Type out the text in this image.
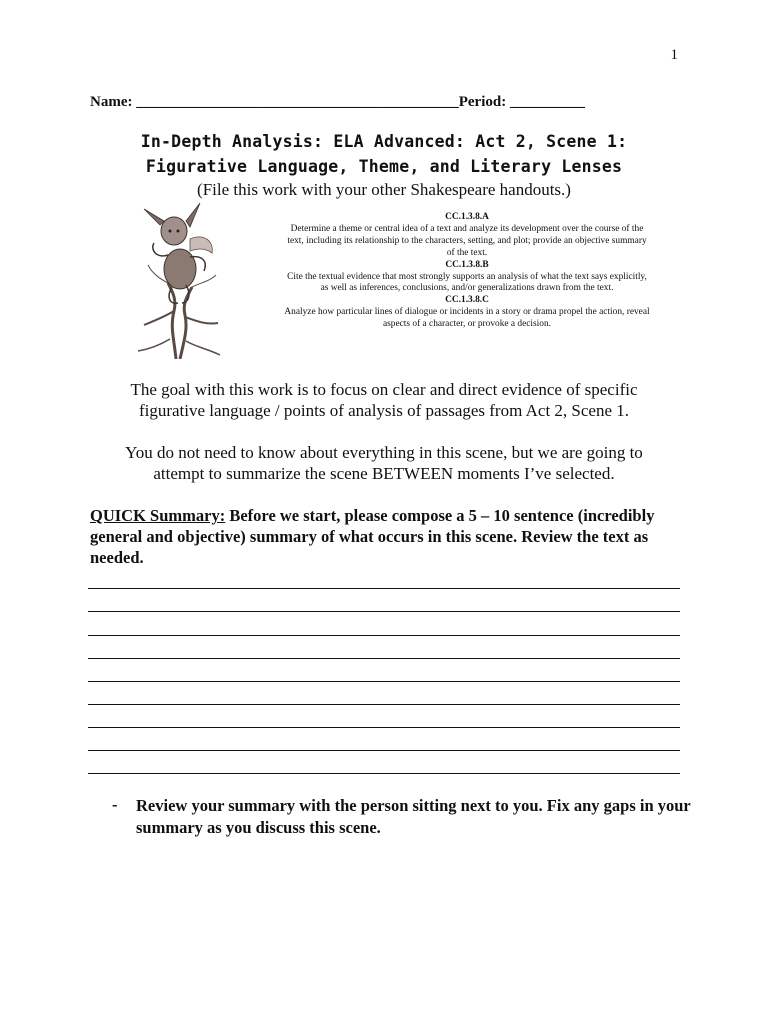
1
Name: ___________________________________________Period: __________
In-Depth Analysis: ELA Advanced: Act 2, Scene 1:
Figurative Language, Theme, and Literary Lenses
(File this work with your other Shakespeare handouts.)
CC.1.3.8.A
Determine a theme or central idea of a text and analyze its development over the course of the text, including its relationship to the characters, setting, and plot; provide an objective summary of the text.
CC.1.3.8.B
Cite the textual evidence that most strongly supports an analysis of what the text says explicitly, as well as inferences, conclusions, and/or generalizations drawn from the text.
CC.1.3.8.C
Analyze how particular lines of dialogue or incidents in a story or drama propel the action, reveal aspects of a character, or provoke a decision.
The goal with this work is to focus on clear and direct evidence of specific figurative language / points of analysis of passages from Act 2, Scene 1.
You do not need to know about everything in this scene, but we are going to attempt to summarize the scene BETWEEN moments I’ve selected.
QUICK Summary: Before we start, please compose a 5 – 10 sentence (incredibly general and objective) summary of what occurs in this scene. Review the text as needed.
- Review your summary with the person sitting next to you. Fix any gaps in your summary as you discuss this scene.
